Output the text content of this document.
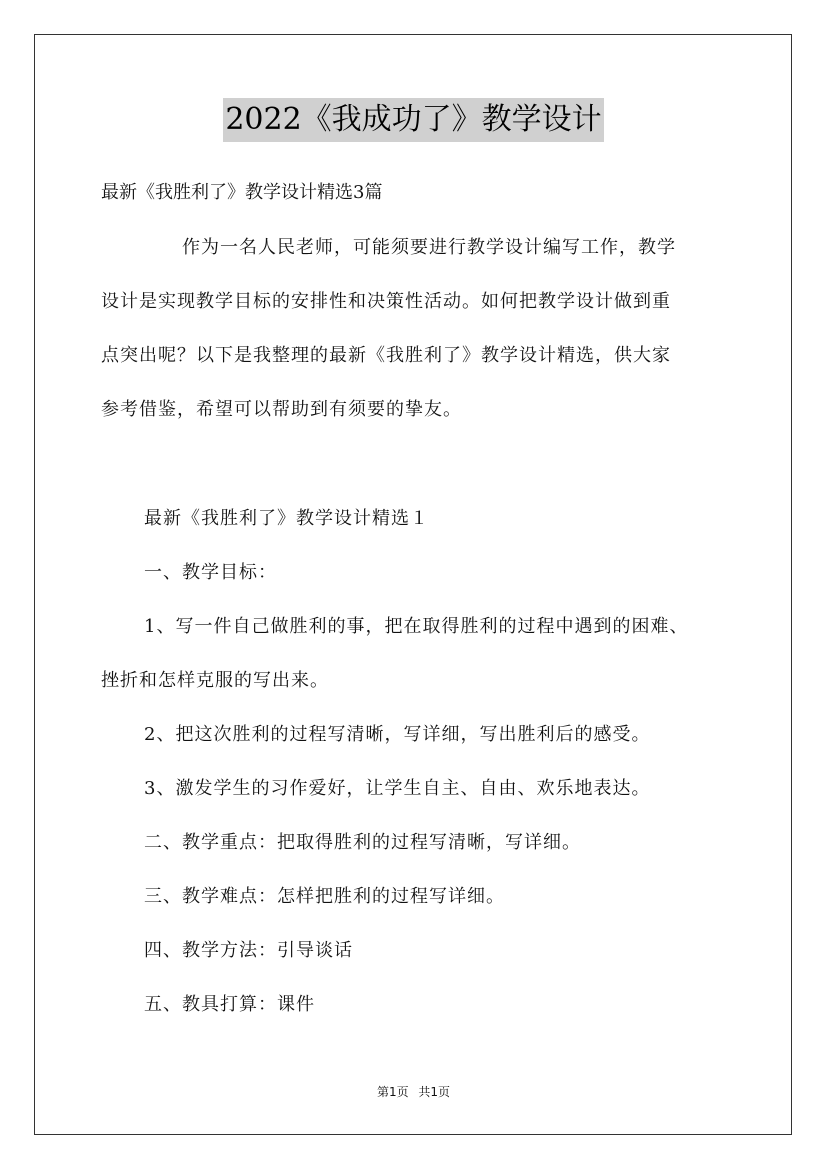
2022《我成功了》教学设计
最新《我胜利了》教学设计精选3篇

作为一名人民老师，可能须要进行教学设计编写工作，教学

设计是实现教学目标的安排性和决策性活动。如何把教学设计做到重

点突出呢？以下是我整理的最新《我胜利了》教学设计精选，供大家

参考借鉴，希望可以帮助到有须要的挚友。

最新《我胜利了》教学设计精选１
一、教学目标：
1、写一件自己做胜利的事，把在取得胜利的过程中遇到的困难、
挫折和怎样克服的写出来。
2、把这次胜利的过程写清晰，写详细，写出胜利后的感受。
3、激发学生的习作爱好，让学生自主、自由、欢乐地表达。
二、教学重点：把取得胜利的过程写清晰，写详细。
三、教学难点：怎样把胜利的过程写详细。
四、教学方法：引导谈话
五、教具打算：课件
第1页 共1页
